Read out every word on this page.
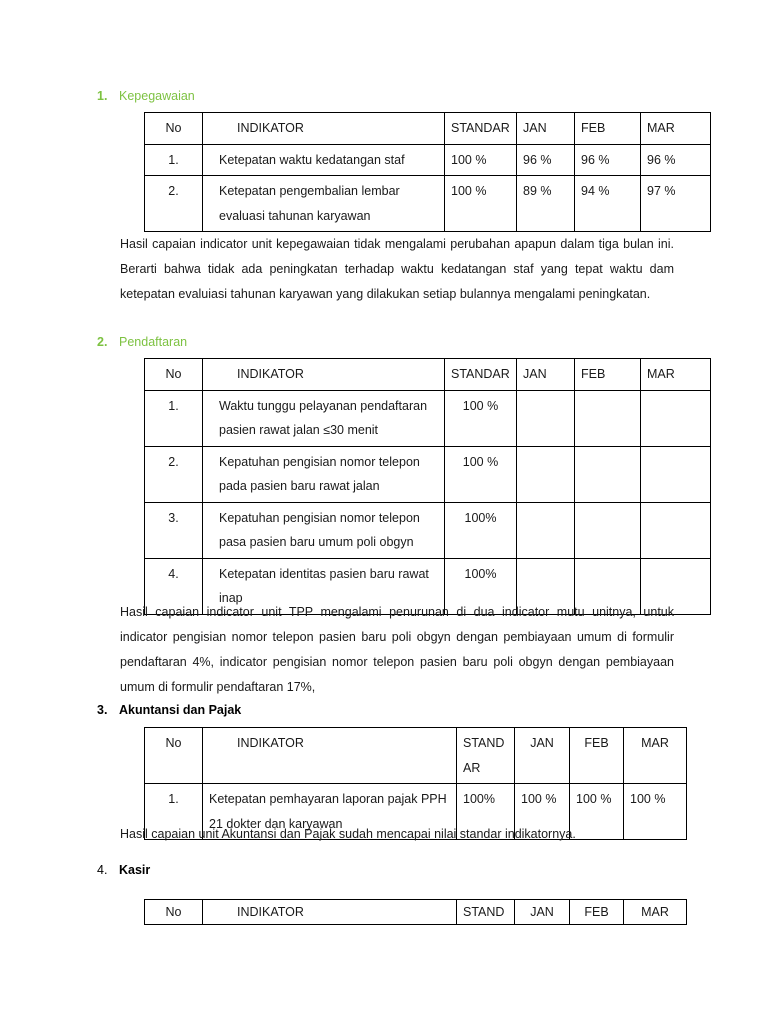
1. Kepegawaian
No	INDIKATOR	STANDAR	JAN	FEB	MAR
1.	Ketepatan waktu kedatangan staf	100 %	96 %	96 %	96 %
2.	Ketepatan pengembalian lembar evaluasi tahunan karyawan	100 %	89 %	94 %	97 %

Hasil capaian indicator unit kepegawaian tidak mengalami perubahan apapun dalam tiga bulan ini. Berarti bahwa tidak ada peningkatan terhadap waktu kedatangan staf yang tepat waktu dam ketepatan evaluiasi tahunan karyawan yang dilakukan setiap bulannya mengalami peningkatan.

2. Pendaftaran
No	INDIKATOR	STANDAR	JAN	FEB	MAR
1.	Waktu tunggu pelayanan pendaftaran pasien rawat jalan ≤30 menit	100 %			
2.	Kepatuhan pengisian nomor telepon pada pasien baru rawat jalan	100 %			
3.	Kepatuhan pengisian nomor telepon pasa pasien baru umum poli obgyn	100%			
4.	Ketepatan identitas pasien baru rawat inap	100%			

Hasil capaian indicator unit TPP mengalami penurunan di dua indicator mutu unitnya, untuk indicator pengisian nomor telepon pasien baru poli obgyn dengan pembiayaan umum di formulir pendaftaran 4%, indicator pengisian nomor telepon pasien baru poli obgyn dengan pembiayaan umum di formulir pendaftaran 17%,

3. Akuntansi dan Pajak
No	INDIKATOR	STANDAR	JAN	FEB	MAR
1.	Ketepatan pemhayaran laporan pajak PPH 21 dokter dan karyawan	100%	100 %	100 %	100 %

Hasil capaian unit Akuntansi dan Pajak sudah mencapai nilai standar indikatornya.

4. Kasir
No	INDIKATOR	STAND	JAN	FEB	MAR
